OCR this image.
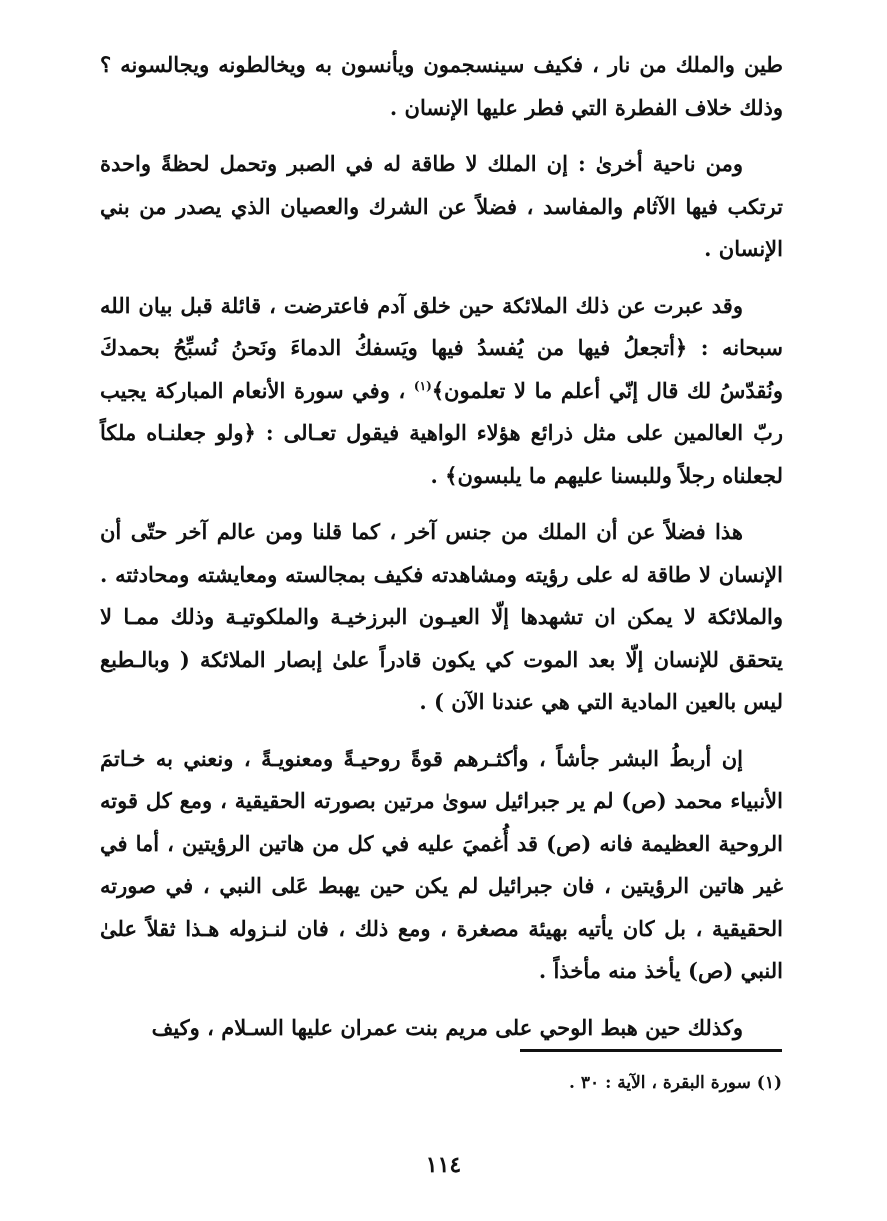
طين والملك من نار ، فكيف سينسجمون ويأنسون به ويخالطونه ويجالسونه ؟ وذلك خلاف الفطرة التي فطر عليها الإنسان .

ومن ناحية أخرىٰ : إن الملك لا طاقة له في الصبر وتحمل لحظةً واحدة ترتكب فيها الآثام والمفاسد ، فضلاً عن الشرك والعصيان الذي يصدر من بني الإنسان .

وقد عبرت عن ذلك الملائكة حين خلق آدم فاعترضت ، قائلة قبل بيان الله سبحانه : ﴿أتجعلُ فيها من يُفسدُ فيها ويَسفكُ الدماءَ ونَحنُ نُسبِّحُ بحمدكَ ونُقدّسُ لك قال إنّي أعلم ما لا تعلمون﴾$^{(١)}$ ، وفي سورة الأنعام المباركة يجيب ربّ العالمين على مثل ذرائع هؤلاء الواهية فيقول تعـالى : ﴿ولو جعلنـاه ملكاً لجعلناه رجلاً وللبسنا عليهم ما يلبسون﴾ .

هذا فضلاً عن أن الملك من جنس آخر ، كما قلنا ومن عالم آخر حتّى أن الإنسان لا طاقة له على رؤيته ومشاهدته فكيف بمجالسته ومعايشته ومحادثته . والملائكة لا يمكن ان تشهدها إلّا العيـون البرزخيـة والملكوتيـة وذلك ممـا لا يتحقق للإنسان إلّا بعد الموت كي يكون قادراً علىٰ إبصار الملائكة ( وبالـطبع ليس بالعين المادية التي هي عندنا الآن ) .

إن أربطُ البشر جأشاً ، وأكثـرهم قوةً روحيـةً ومعنويـةً ، ونعني به خـاتمَ الأنبياء محمد (ص) لم ير جبرائيل سوىٰ مرتين بصورته الحقيقية ، ومع كل قوته الروحية العظيمة فانه (ص) قد أُغميَ عليه في كل من هاتين الرؤيتين ، أما في غير هاتين الرؤيتين ، فان جبرائيل لم يكن حين يهبط عَلى النبي ، في صورته الحقيقية ، بل كان يأتيه بهيئة مصغرة ، ومع ذلك ، فان لنـزوله هـذا ثقلاً علىٰ النبي (ص) يأخذ منه مأخذاً .

وكذلك حين هبط الوحي على مريم بنت عمران عليها السـلام ، وكيف

(١) سورة البقرة ، الآية : ٣٠ .

١١٤
